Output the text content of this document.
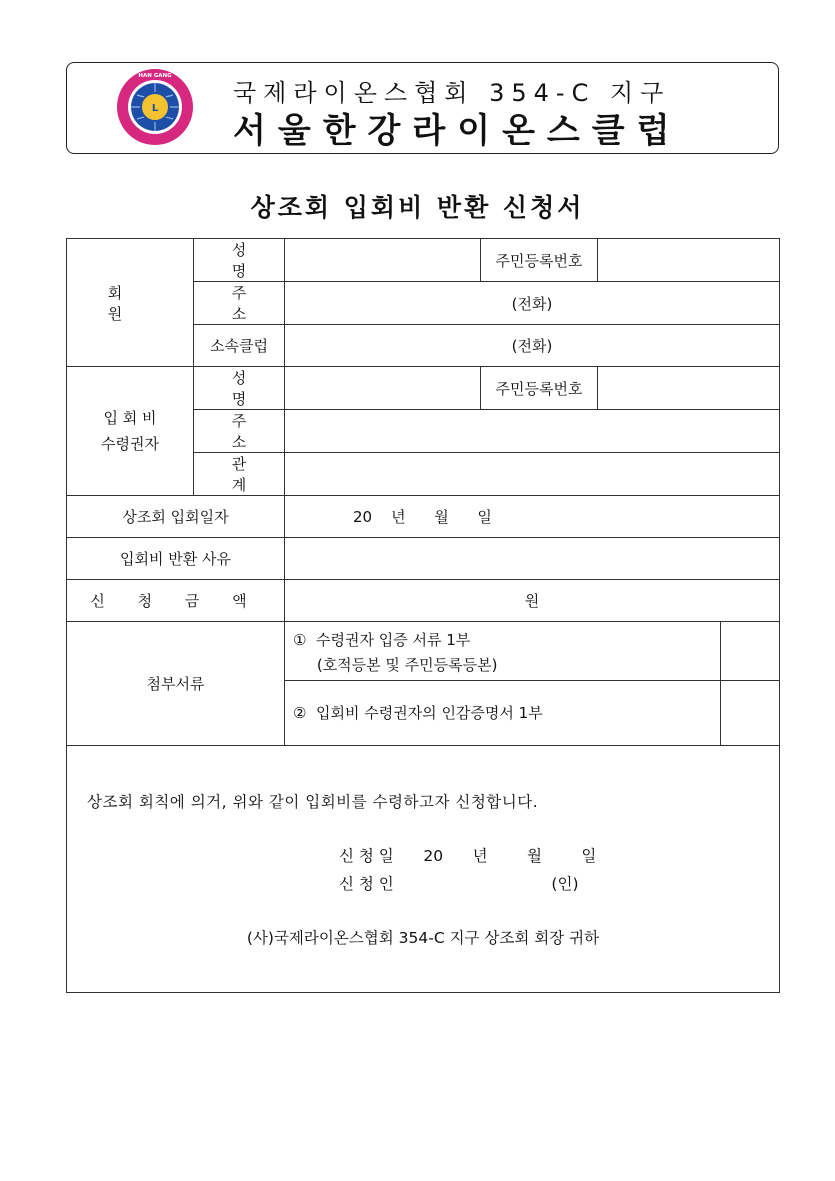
L
HAN GANG
국제라이온스협회 354-C 지구
서울한강라이온스클럽
상조회 입회비 반환 신청서
회 원	성 명		주민등록번호	
	주 소	(전화)		
	소속클럽	(전화)		

입 회 비
수령권자	성 명		주민등록번호	
	주 소			
	관 계			
상조회 입회일자		20    년      월      일		
입회비 반환 사유				
신 청 금 액		원		
첨부서류		①  수령권자 입증 서류 1부
(호적등본 및 주민등록등본)
②  입회비 수령권자의 인감증명서 1부		

상조회 회칙에 의거, 위와 같이 입회비를 수령하고자 신청합니다.
신 청 일      20      년        월        일
신 청 인                                (인)
(사)국제라이온스협회 354-C 지구 상조회 회장 귀하				
